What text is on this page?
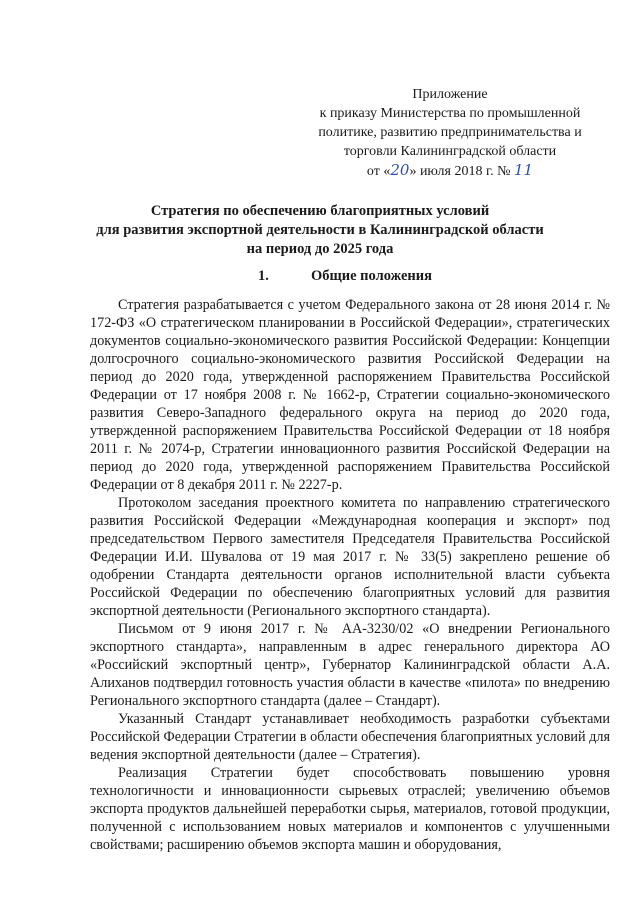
Приложение
к приказу Министерства по промышленной
политике, развитию предпринимательства и
торговли Калининградской области
от «20» июля 2018 г. № 11
Стратегия по обеспечению благоприятных условий
для развития экспортной деятельности в Калининградской области
на период до 2025 года
1.	Общие положения

Стратегия разрабатывается с учетом Федерального закона от 28 июня 2014 г. № 172-ФЗ «О стратегическом планировании в Российской Федерации», стратегических документов социально-экономического развития Российской Федерации: Концепции долгосрочного социально-экономического развития Российской Федерации на период до 2020 года, утвержденной распоряжением Правительства Российской Федерации от 17 ноября 2008 г. № 1662-р, Стратегии социально-экономического развития Северо-Западного федерального округа на период до 2020 года, утвержденной распоряжением Правительства Российской Федерации от 18 ноября 2011 г. № 2074-р, Стратегии инновационного развития Российской Федерации на период до 2020 года, утвержденной распоряжением Правительства Российской Федерации от 8 декабря 2011 г. № 2227-р.

Протоколом заседания проектного комитета по направлению стратегического развития Российской Федерации «Международная кооперация и экспорт» под председательством Первого заместителя Председателя Правительства Российской Федерации И.И. Шувалова от 19 мая 2017 г. № 33(5) закреплено решение об одобрении Стандарта деятельности органов исполнительной власти субъекта Российской Федерации по обеспечению благоприятных условий для развития экспортной деятельности (Регионального экспортного стандарта).

Письмом от 9 июня 2017 г. № АА-3230/02 «О внедрении Регионального экспортного стандарта», направленным в адрес генерального директора АО «Российский экспортный центр», Губернатор Калининградской области А.А. Алиханов подтвердил готовность участия области в качестве «пилота» по внедрению Регионального экспортного стандарта (далее – Стандарт).

Указанный Стандарт устанавливает необходимость разработки субъектами Российской Федерации Стратегии в области обеспечения благоприятных условий для ведения экспортной деятельности (далее – Стратегия).

Реализация Стратегии будет способствовать повышению уровня технологичности и инновационности сырьевых отраслей; увеличению объемов экспорта продуктов дальнейшей переработки сырья, материалов, готовой продукции, полученной с использованием новых материалов и компонентов с улучшенными свойствами; расширению объемов экспорта машин и оборудования,
